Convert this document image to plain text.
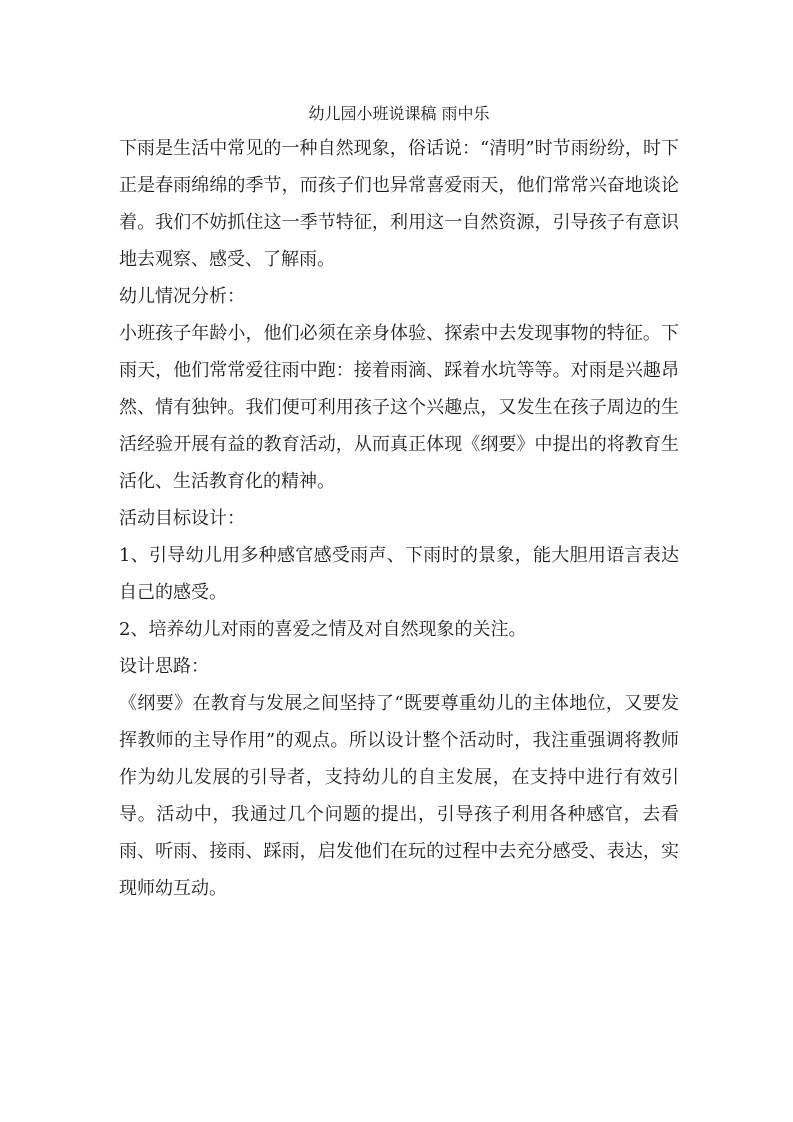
幼儿园小班说课稿 雨中乐

下雨是生活中常见的一种自然现象，俗话说：“清明”时节雨纷纷，时下正是春雨绵绵的季节，而孩子们也异常喜爱雨天，他们常常兴奋地谈论着。我们不妨抓住这一季节特征，利用这一自然资源，引导孩子有意识地去观察、感受、了解雨。

幼儿情况分析：

小班孩子年龄小，他们必须在亲身体验、探索中去发现事物的特征。下雨天，他们常常爱往雨中跑：接着雨滴、踩着水坑等等。对雨是兴趣昂然、情有独钟。我们便可利用孩子这个兴趣点，又发生在孩子周边的生活经验开展有益的教育活动，从而真正体现《纲要》中提出的将教育生活化、生活教育化的精神。

活动目标设计：

1、引导幼儿用多种感官感受雨声、下雨时的景象，能大胆用语言表达自己的感受。

2、培养幼儿对雨的喜爱之情及对自然现象的关注。

设计思路：

《纲要》在教育与发展之间坚持了“既要尊重幼儿的主体地位，又要发挥教师的主导作用”的观点。所以设计整个活动时，我注重强调将教师作为幼儿发展的引导者，支持幼儿的自主发展，在支持中进行有效引导。活动中，我通过几个问题的提出，引导孩子利用各种感官，去看雨、听雨、接雨、踩雨，启发他们在玩的过程中去充分感受、表达，实现师幼互动。
